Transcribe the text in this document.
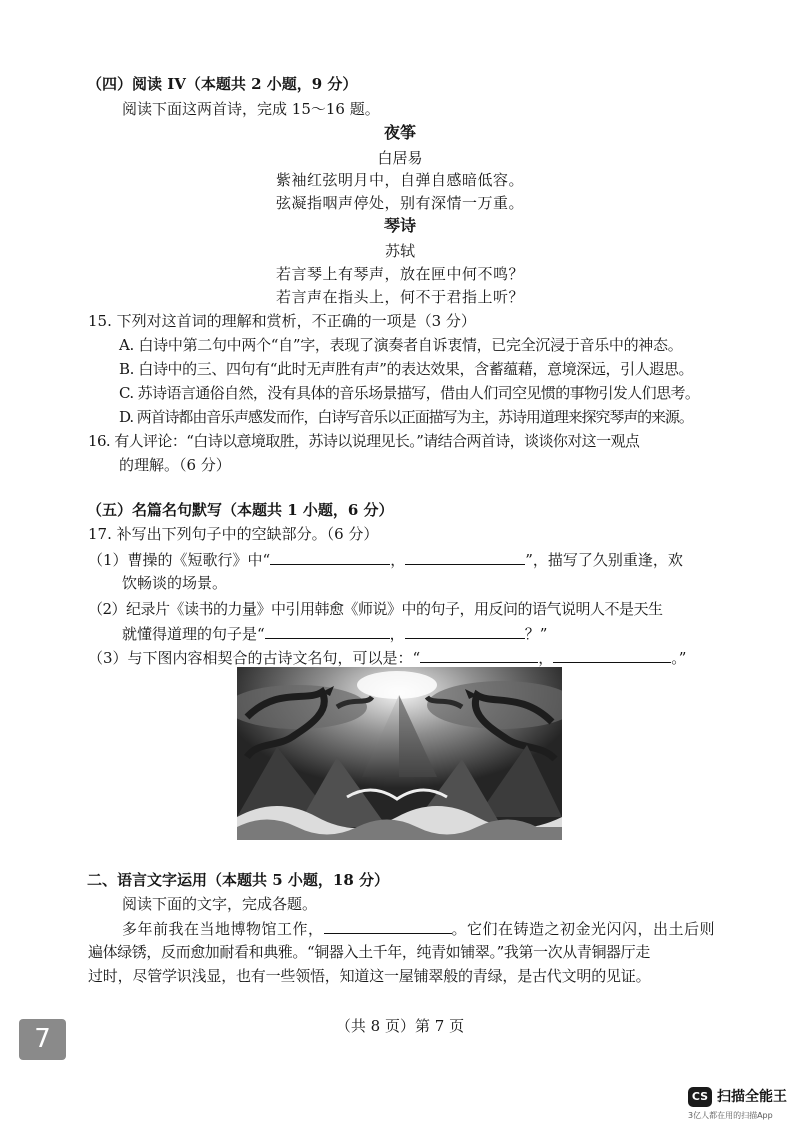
（四）阅读 IV（本题共 2 小题，9 分）
阅读下面这两首诗，完成 15～16 题。
夜筝
白居易
紫袖红弦明月中，自弹自感暗低容。
弦凝指咽声停处，别有深情一万重。
琴诗
苏轼
若言琴上有琴声，放在匣中何不鸣？
若言声在指头上，何不于君指上听？
15. 下列对这首词的理解和赏析，不正确的一项是（3 分）
A. 白诗中第二句中两个“自”字，表现了演奏者自诉衷情，已完全沉浸于音乐中的神态。
B. 白诗中的三、四句有“此时无声胜有声”的表达效果，含蓄蕴藉，意境深远，引人遐思。
C. 苏诗语言通俗自然，没有具体的音乐场景描写，借由人们司空见惯的事物引发人们思考。
D. 两首诗都由音乐声感发而作，白诗写音乐以正面描写为主，苏诗用道理来探究琴声的来源。
16. 有人评论：“白诗以意境取胜，苏诗以说理见长。”请结合两首诗，谈谈你对这一观点
的理解。（6 分）
（五）名篇名句默写（本题共 1 小题，6 分）
17. 补写出下列句子中的空缺部分。（6 分）
（1）曹操的《短歌行》中“	，	”，描写了久别重逢，欢
饮畅谈的场景。
（2）纪录片《读书的力量》中引用韩愈《师说》中的句子，用反问的语气说明人不是天生
就懂得道理的句子是“	，	？”
（3）与下图内容相契合的古诗文名句，可以是：“	，	。”
二、语言文字运用（本题共 5 小题，18 分）
阅读下面的文字，完成各题。
多年前我在当地博物馆工作，	。它们在铸造之初金光闪闪，出土后则
遍体绿锈，反而愈加耐看和典雅。“铜器入土千年，纯青如铺翠。”我第一次从青铜器厅走
过时，尽管学识浅显，也有一些领悟，知道这一屋铺翠般的青绿，是古代文明的见证。
（共 8 页）第 7 页
7
CS 扫描全能王
3亿人都在用的扫描App
